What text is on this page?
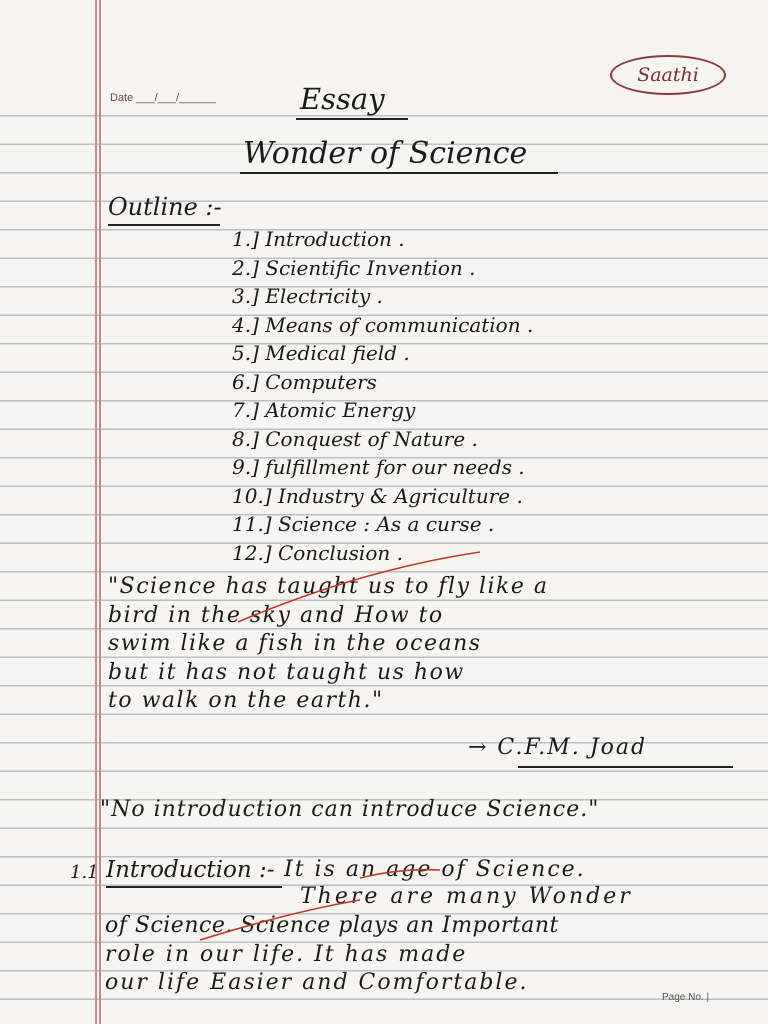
Saathi
Date ___/___/______	Essay
Wonder of Science
Outline :-
1.] Introduction .
2.] Scientific Invention .
3.] Electricity .
4.] Means of communication .
5.] Medical field .
6.] Computers
7.] Atomic Energy
8.] Conquest of Nature .
9.] fulfillment for our needs .
10.] Industry & Agriculture .
11.] Science : As a curse .
12.] Conclusion .
"Science has taught us to fly like a
bird in the sky and How to
swim like a fish in the oceans
but it has not taught us how
to walk on the earth."
→ C.F.M. Joad
"No introduction can introduce Science."
1.1 Introduction :- It is an age of Science.
There are many Wonder
of Science. Science plays an Important
role in our life. It has made
our life Easier and Comfortable.
Page No. |
